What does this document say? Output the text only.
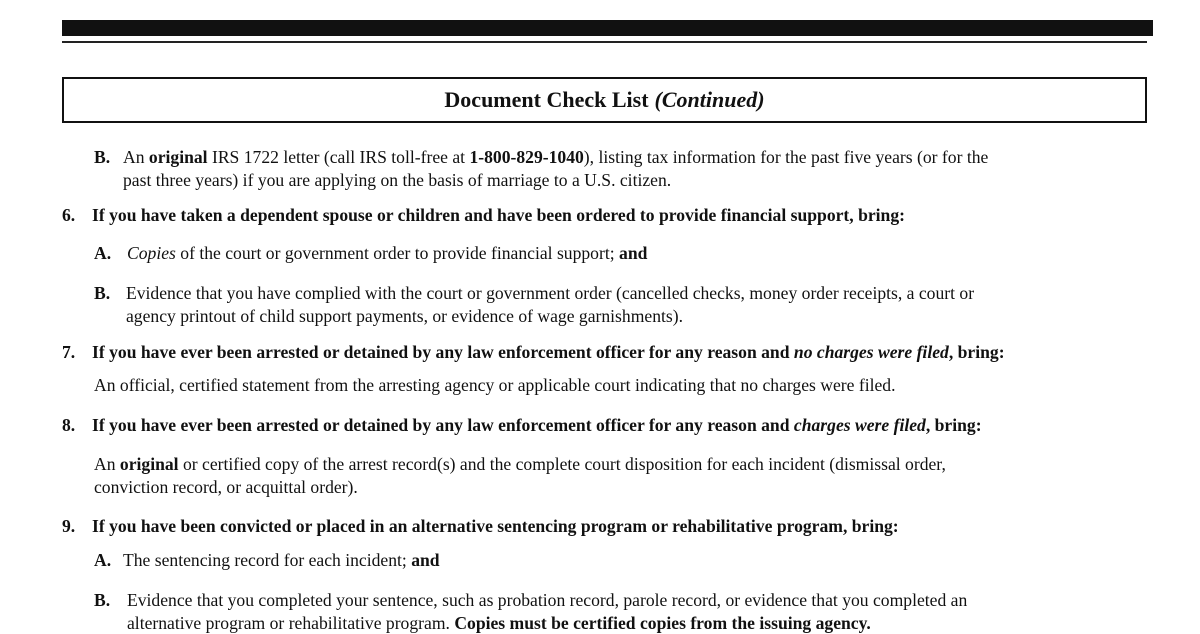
Document Check List (Continued)
B. An original IRS 1722 letter (call IRS toll-free at 1-800-829-1040), listing tax information for the past five years (or for the
past three years) if you are applying on the basis of marriage to a U.S. citizen.
6. If you have taken a dependent spouse or children and have been ordered to provide financial support, bring:
A. Copies of the court or government order to provide financial support; and
B. Evidence that you have complied with the court or government order (cancelled checks, money order receipts, a court or
agency printout of child support payments, or evidence of wage garnishments).
7. If you have ever been arrested or detained by any law enforcement officer for any reason and no charges were filed, bring:
An official, certified statement from the arresting agency or applicable court indicating that no charges were filed.
8. If you have ever been arrested or detained by any law enforcement officer for any reason and charges were filed, bring:
An original or certified copy of the arrest record(s) and the complete court disposition for each incident (dismissal order,
conviction record, or acquittal order).
9. If you have been convicted or placed in an alternative sentencing program or rehabilitative program, bring:
A. The sentencing record for each incident; and
B. Evidence that you completed your sentence, such as probation record, parole record, or evidence that you completed an
alternative program or rehabilitative program. Copies must be certified copies from the issuing agency.
